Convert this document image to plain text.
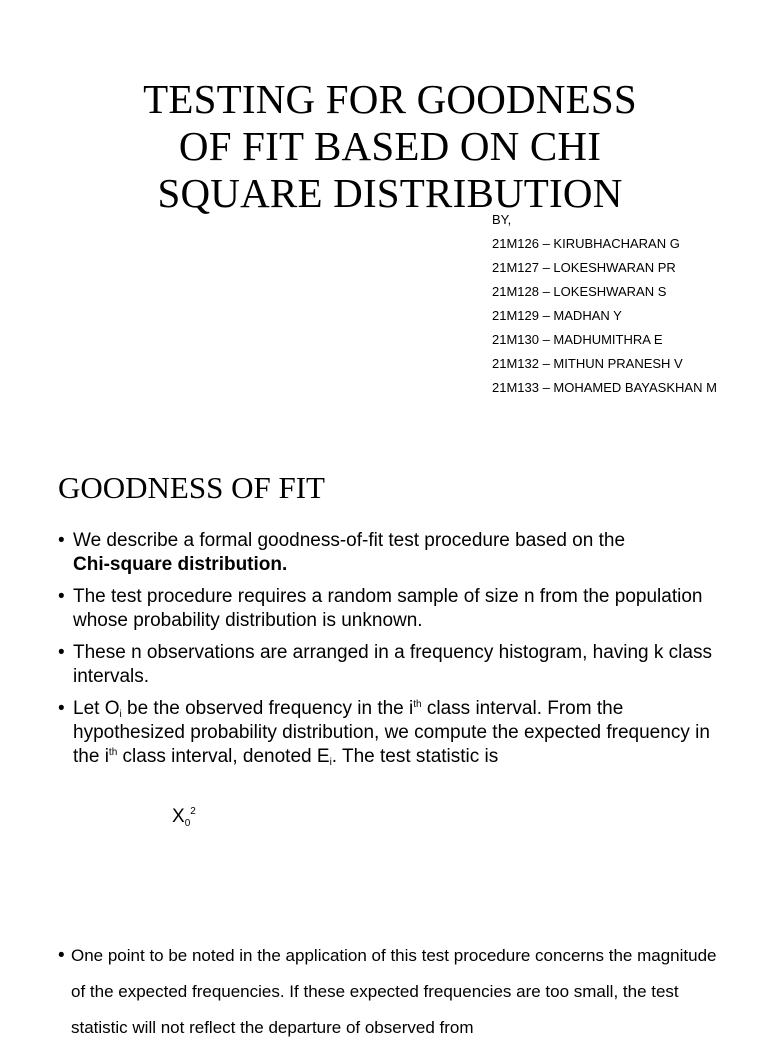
TESTING FOR GOODNESS
OF FIT BASED ON CHI
SQUARE DISTRIBUTION
BY,
21M126 – KIRUBHACHARAN G
21M127 – LOKESHWARAN PR
21M128 – LOKESHWARAN S
21M129 – MADHAN Y
21M130 – MADHUMITHRA E
21M132 – MITHUN PRANESH V
21M133 – MOHAMED BAYASKHAN M
GOODNESS OF FIT
• We describe a formal goodness-of-fit test procedure based on the
Chi-square distribution.
• The test procedure requires a random sample of size n from the population whose probability distribution is unknown.
• These n observations are arranged in a frequency histogram, having k class intervals.
• Let $O_i$ be the observed frequency in the $i^{th}$ class interval. From the hypothesized probability distribution, we compute the expected frequency in the $i^{th}$ class interval, denoted $E_i$. The test statistic is
$X_0^2$
• One point to be noted in the application of this test procedure concerns the magnitude of the expected frequencies. If these expected frequencies are too small, the test statistic will not reflect the departure of observed from
